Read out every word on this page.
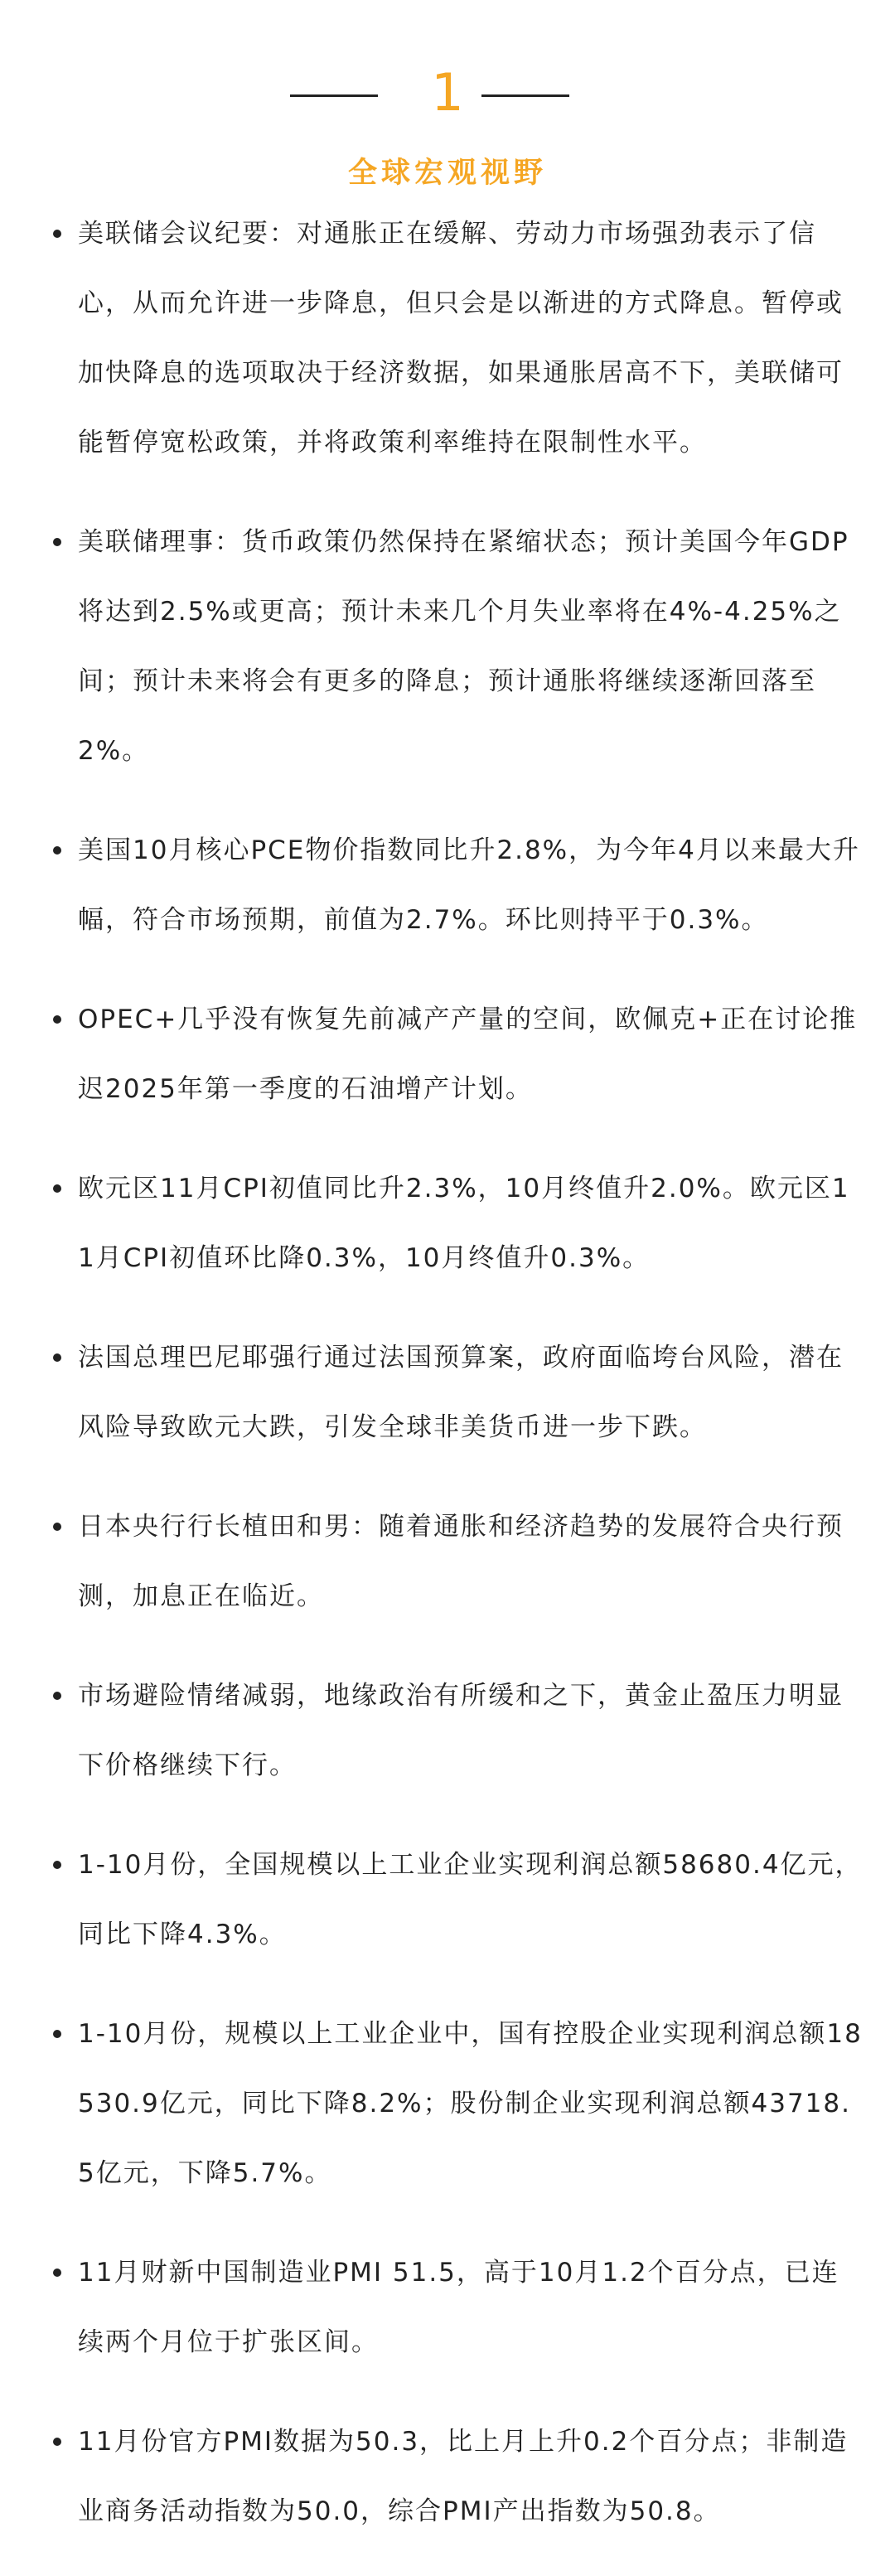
1
全球宏观视野
美联储会议纪要：对通胀正在缓解、劳动力市场强劲表示了信心，从而允许进一步降息，但只会是以渐进的方式降息。暂停或加快降息的选项取决于经济数据，如果通胀居高不下，美联储可能暂停宽松政策，并将政策利率维持在限制性水平。
美联储理事：货币政策仍然保持在紧缩状态；预计美国今年GDP将达到2.5%或更高；预计未来几个月失业率将在4%-4.25%之间；预计未来将会有更多的降息；预计通胀将继续逐渐回落至2%。
美国10月核心PCE物价指数同比升2.8%，为今年4月以来最大升幅，符合市场预期，前值为2.7%。环比则持平于0.3%。
OPEC+几乎没有恢复先前减产产量的空间，欧佩克+正在讨论推迟2025年第一季度的石油增产计划。
欧元区11月CPI初值同比升2.3%，10月终值升2.0%。欧元区11月CPI初值环比降0.3%，10月终值升0.3%。
法国总理巴尼耶强行通过法国预算案，政府面临垮台风险，潜在风险导致欧元大跌，引发全球非美货币进一步下跌。
日本央行行长植田和男：随着通胀和经济趋势的发展符合央行预测，加息正在临近。
市场避险情绪减弱，地缘政治有所缓和之下，黄金止盈压力明显下价格继续下行。
1-10月份，全国规模以上工业企业实现利润总额58680.4亿元，同比下降4.3%。
1-10月份，规模以上工业企业中，国有控股企业实现利润总额18530.9亿元，同比下降8.2%；股份制企业实现利润总额43718.5亿元，下降5.7%。
11月财新中国制造业PMI 51.5，高于10月1.2个百分点，已连续两个月位于扩张区间。
11月份官方PMI数据为50.3，比上月上升0.2个百分点；非制造业商务活动指数为50.0，综合PMI产出指数为50.8。
